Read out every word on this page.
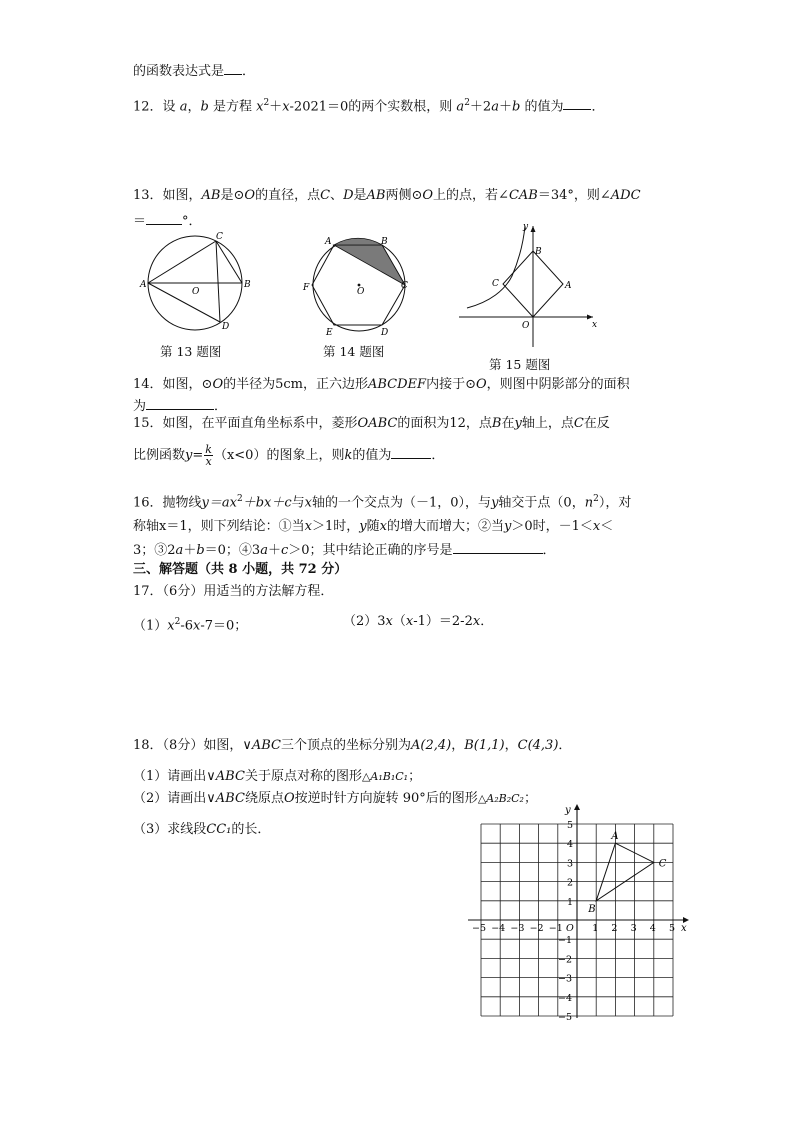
的函数表达式是 ．
12．设 a，b 是方程 $x^2+x-2021=0$的两个实数根，则 $a^2+2a+b$ 的值为 ．
13．如图，AB是⊙O的直径，点C、D是AB两侧⊙O上的点，若∠CAB＝34°，则∠ADC
＝	°．
A	B
C
D
O
第 13 题图
A	B
C
D
E
F	O
第 14 题图
y
x
B
C	A
O
第 15 题图
14．如图，⊙O的半径为5cm，正六边形ABCDEF内接于⊙O，则图中阴影部分的面积
为	．
15．如图，在平面直角坐标系中，菱形OABC的面积为12，点B在y轴上，点C在反
比例函数$y= \frac{k}{x} (x<0)$的图象上，则k的值为	．
16．抛物线$y=ax^2+bx+c$与x轴的一个交点为（－1，0），与y轴交于点（0，$n^2$），对
称轴x＝1，则下列结论：①当x＞1时，y随x的增大而增大；②当y＞0时，－1＜x＜
3；③2a＋b＝0；④3a＋c＞0；其中结论正确的序号是	．
三、解答题（共 8 小题，共 72 分）
17．（6分）用适当的方法解方程．
$(1)x^2-6x-7=0$；	（2）3x（x-1）＝2-2x．
18．（8分）如图，∨ABC三个顶点的坐标分别为A(2,4)，B(1,1)，C(4,3)．
（1）请画出∨ABC关于原点对称的图形△A₁B₁C₁；
（2）请画出∨ABC绕原点O按逆时针方向旋转 90°后的图形△A₂B₂C₂；
（3）求线段CC₁的长．
x
y
−5 −4 −3 −2 −1 O 1 2 3 4 5
5
4
3
2
1
−1
−2
−3
−4
−5
A
B
C
